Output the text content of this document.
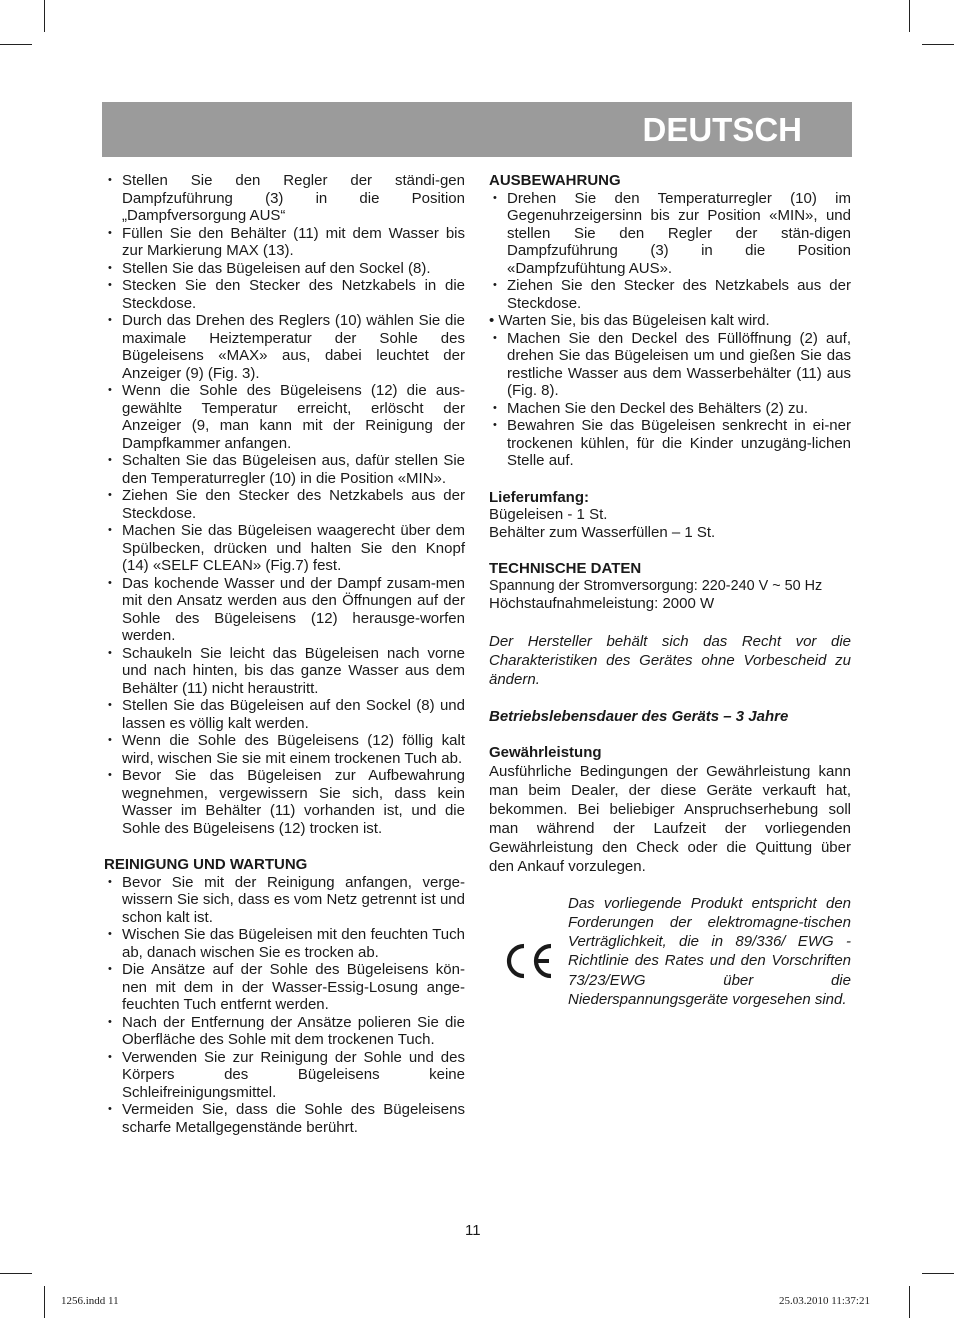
DEUTSCH
• Stellen Sie den Regler der ständi-gen Dampfzuführung (3) in die Position „Dampfversorgung AUS“
• Füllen Sie den Behälter (11) mit dem Wasser bis zur Markierung MAX (13).
• Stellen Sie das Bügeleisen auf den Sockel (8).
• Stecken Sie den Stecker des Netzkabels in die Steckdose.
• Durch das Drehen des Reglers (10) wählen Sie die maximale Heiztemperatur der Sohle des Bügeleisens «MAX» aus, dabei leuchtet der Anzeiger (9) (Fig. 3).
• Wenn die Sohle des Bügeleisens (12) die aus-gewählte Temperatur erreicht, erlöscht der Anzeiger (9, man kann mit der Reinigung der Dampfkammer anfangen.
• Schalten Sie das Bügeleisen aus, dafür stellen Sie den Temperaturregler (10) in die Position «MIN».
• Ziehen Sie den Stecker des Netzkabels aus der Steckdose.
• Machen Sie das Bügeleisen waagerecht über dem Spülbecken, drücken und halten Sie den Knopf (14) «SELF CLEAN» (Fig.7) fest.
• Das kochende Wasser und der Dampf zusam-men mit den Ansatz werden aus den Öffnungen auf der Sohle des Bügeleisens (12) herausge-worfen werden.
• Schaukeln Sie leicht das Bügeleisen nach vorne und nach hinten, bis das ganze Wasser aus dem Behälter (11) nicht heraustritt.
• Stellen Sie das Bügeleisen auf den Sockel (8) und lassen es völlig kalt werden.
• Wenn die Sohle des Bügeleisens (12) föllig kalt wird, wischen Sie sie mit einem trockenen Tuch ab.
• Bevor Sie das Bügeleisen zur Aufbewahrung wegnehmen, vergewissern Sie sich, dass kein Wasser im Behälter (11) vorhanden ist, und die Sohle des Bügeleisens (12) trocken ist.

REINIGUNG UND WARTUNG

• Bevor Sie mit der Reinigung anfangen, verge-wissern Sie sich, dass es vom Netz getrennt ist und schon kalt ist.
• Wischen Sie das Bügeleisen mit den feuchten Tuch ab, danach wischen Sie es trocken ab.
• Die Ansätze auf der Sohle des Bügeleisens kön-nen mit dem in der Wasser-Essig-Losung ange-feuchten Tuch entfernt werden.
• Nach der Entfernung der Ansätze polieren Sie die Oberfläche des Sohle mit dem trockenen Tuch.
• Verwenden Sie zur Reinigung der Sohle und des Körpers des Bügeleisens keine Schleifreinigungsmittel.
• Vermeiden Sie, dass die Sohle des Bügeleisens scharfe Metallgegenstände berührt.

AUSBEWAHRUNG

• Drehen Sie den Temperaturregler (10) im Gegenuhrzeigersinn bis zur Position «MIN», und stellen Sie den Regler der stän-digen Dampfzuführung (3) in die Position «Dampfzufühtung AUS».
• Ziehen Sie den Stecker des Netzkabels aus der Steckdose.
• Warten Sie, bis das Bügeleisen kalt wird.
• Machen Sie den Deckel des Füllöffnung (2) auf, drehen Sie das Bügeleisen um und gießen Sie das restliche Wasser aus dem Wasserbehälter (11) aus (Fig. 8).
• Machen Sie den Deckel des Behälters (2) zu.
• Bewahren Sie das Bügeleisen senkrecht in ei-ner trockenen kühlen, für die Kinder unzugäng-lichen Stelle auf.

Lieferumfang:

Bügeleisen - 1 St.

Behälter zum Wasserfüllen – 1 St.

TECHNISCHE DATEN

Spannung der Stromversorgung: 220-240 V ~ 50 Hz

Höchstaufnahmeleistung: 2000 W

Der Hersteller behält sich das Recht vor die Charakteristiken des Gerätes ohne Vorbescheid zu ändern.

Betriebslebensdauer des Geräts – 3 Jahre

Gewährleistung

Ausführliche Bedingungen der Gewährleistung kann man beim Dealer, der diese Geräte verkauft hat, bekommen. Bei beliebiger Anspruchserhebung soll man während der Laufzeit der vorliegenden Gewährleistung den Check oder die Quittung über den Ankauf vorzulegen.

Das vorliegende Produkt entspricht den Forderungen der elektromagne-tischen Verträglichkeit, die in 89/336/ EWG -Richtlinie des Rates und den Vorschriften 73/23/EWG über die Niederspannungsgeräte vorgesehen sind.
11
1256.indd 11	25.03.2010 11:37:21
